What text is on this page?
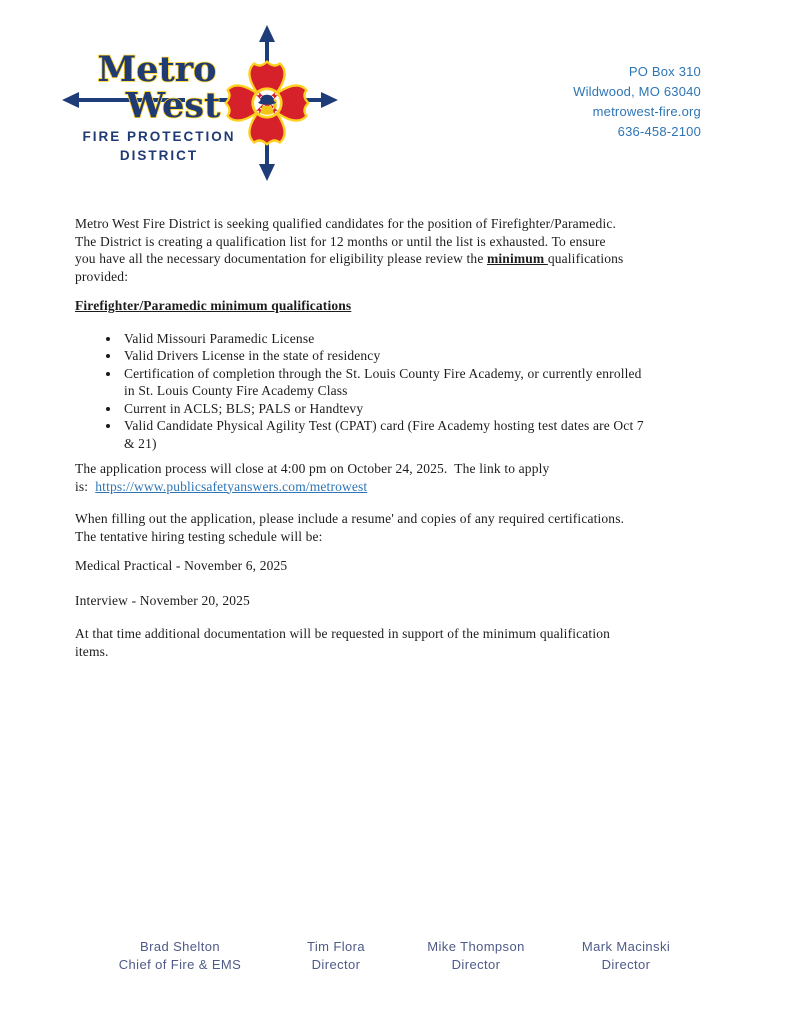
Metro
West
FIRE PROTECTION
DISTRICT
PO Box 310
Wildwood, MO 63040
metrowest-fire.org
636-458-2100
Metro West Fire District is seeking qualified candidates for the position of Firefighter/Paramedic.
The District is creating a qualification list for 12 months or until the list is exhausted. To ensure
you have all the necessary documentation for eligibility please review the minimum qualifications
provided:
Firefighter/Paramedic minimum qualifications
• Valid Missouri Paramedic License
• Valid Drivers License in the state of residency
• Certification of completion through the St. Louis County Fire Academy, or currently enrolled
in St. Louis County Fire Academy Class
• Current in ACLS; BLS; PALS or Handtevy
• Valid Candidate Physical Agility Test (CPAT) card (Fire Academy hosting test dates are Oct 7
& 21)
The application process will close at 4:00 pm on October 24, 2025.  The link to apply
is:  https://www.publicsafetyanswers.com/metrowest
When filling out the application, please include a resume' and copies of any required certifications.
The tentative hiring testing schedule will be:
Medical Practical - November 6, 2025
Interview - November 20, 2025
At that time additional documentation will be requested in support of the minimum qualification
items.
Brad Shelton
Chief of Fire & EMS
Tim Flora
Director
Mike Thompson
Director
Mark Macinski
Director
